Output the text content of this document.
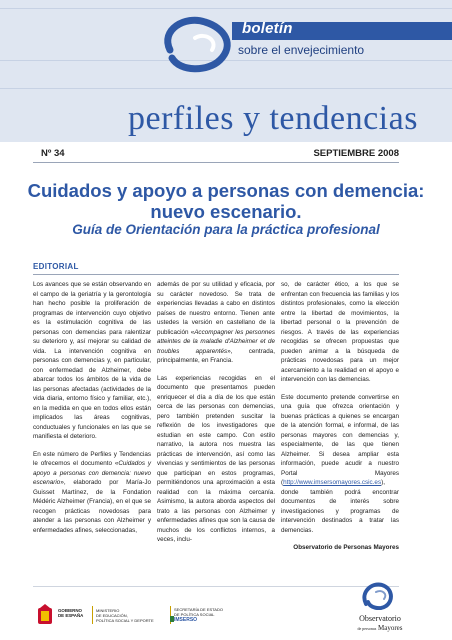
boletín
sobre el envejecimiento
perfiles y tendencias
Nº 34	SEPTIEMBRE 2008
Cuidados y apoyo a personas con demencia:
nuevo escenario.
Guía de Orientación para la práctica profesional
EDITORIAL

Los avances que se están observando en el campo de la geriatría y la gerontología han hecho posible la proliferación de programas de intervención cuyo objetivo es la estimulación cognitiva de las personas con demencias para ralentizar su deterioro y, así mejorar su calidad de vida. La intervención cognitiva en personas con demencias y, en particular, con enfermedad de Alzheimer, debe abarcar todos los ámbitos de la vida de las personas afectadas (actividades de la vida diaria, entorno físico y familiar, etc.), en la medida en que en todos ellos están implicados las áreas cognitivas, conductuales y funcionales en las que se manifiesta el deterioro.

En este número de Perfiles y Tendencias le ofrecemos el documento «Cuidados y apoyo a personas con demencia: nuevo escenario», elaborado por María-Jo Guisset Martínez, de la Fondation Médéric Alzheimer (Francia), en el que se recogen prácticas novedosas para atender a las personas con Alzheimer y enfermedades afines, seleccionadas,

además de por su utilidad y eficacia, por su carácter novedoso. Se trata de experiencias llevadas a cabo en distintos países de nuestro entorno. Tienen ante ustedes la versión en castellano de la publicación «Accompagner les personnes atteintes de la maladie d'Alzheimer et de troubles apparentés», centrada, principalmente, en Francia.

Las experiencias recogidas en el documento que presentamos pueden enriquecer el día a día de los que están cerca de las personas con demencias, pero también pretenden suscitar la reflexión de los investigadores que estudian en este campo. Con estilo narrativo, la autora nos muestra las prácticas de intervención, así como las vivencias y sentimientos de las personas que participan en estos programas, permitiéndonos una aproximación a esta realidad con la máxima cercanía. Asimismo, la autora aborda aspectos del trato a las personas con Alzheimer y enfermedades afines que son la causa de muchos de los conflictos internos, a veces, inclu-

so, de carácter ético, a los que se enfrentan con frecuencia las familias y los distintos profesionales, como la elección entre la libertad de movimientos, la libertad personal o la prevención de riesgos. A través de las experiencias recogidas se ofrecen propuestas que pueden animar a la búsqueda de prácticas novedosas para un mejor acercamiento a la realidad en el apoyo e intervención con las demencias.

Este documento pretende convertirse en una guía que ofrezca orientación y buenas prácticas a quienes se encargan de la atención formal, e informal, de las personas mayores con demencias y, especialmente, de las que tienen Alzheimer. Si desea ampliar esta información, puede acudir a nuestro Portal Mayores (http://www.imsersomayores.csic.es), donde también podrá encontrar documentos de interés sobre investigaciones y programas de intervención destinados a tratar las demencias.

Observatorio de Personas Mayores
GOBIERNO
DE ESPAÑA
MINISTERIO
DE EDUCACIÓN,
POLÍTICA SOCIAL Y DEPORTE
SECRETARÍA DE ESTADO
DE POLÍTICA SOCIAL
IMSERSO	Observatorio
de personas Mayores
